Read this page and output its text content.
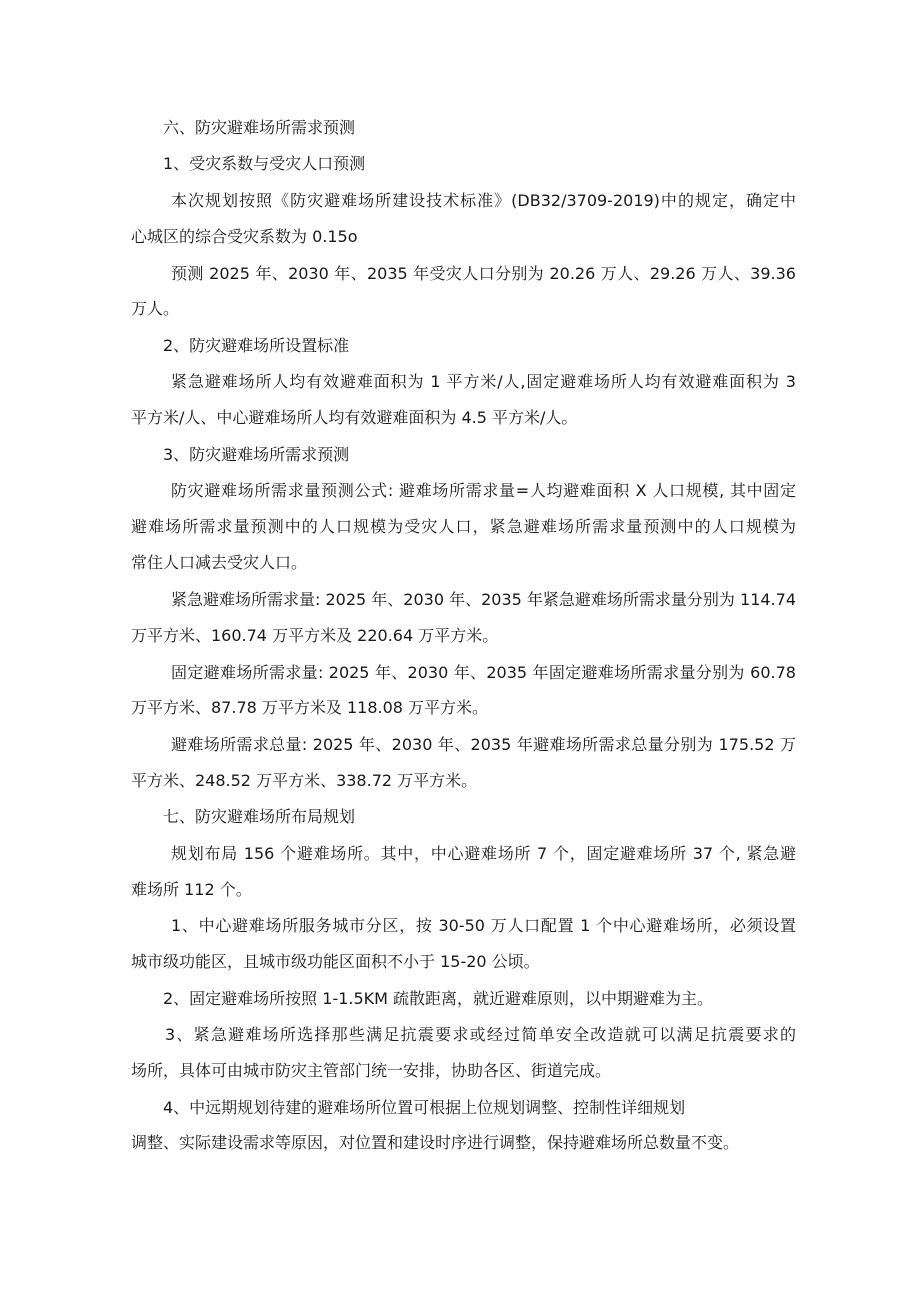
六、防灾避难场所需求预测
1、受灾系数与受灾人口预测
本次规划按照《防灾避难场所建设技术标准》(DB32/3709-2019)中的规定，确定中
心城区的综合受灾系数为 0.15o
预测 2025 年、2030 年、2035 年受灾人口分别为 20.26 万人、29.26 万人、39.36
万人。
2、防灾避难场所设置标准
紧急避难场所人均有效避难面积为 1 平方米/人,固定避难场所人均有效避难面积为 3
平方米/人、中心避难场所人均有效避难面积为 4.5 平方米/人。
3、防灾避难场所需求预测
防灾避难场所需求量预测公式: 避难场所需求量=人均避难面积 X 人口规模, 其中固定
避难场所需求量预测中的人口规模为受灾人口，紧急避难场所需求量预测中的人口规模为
常住人口减去受灾人口。
紧急避难场所需求量: 2025 年、2030 年、2035 年紧急避难场所需求量分别为 114.74
万平方米、160.74 万平方米及 220.64 万平方米。
固定避难场所需求量: 2025 年、2030 年、2035 年固定避难场所需求量分别为 60.78
万平方米、87.78 万平方米及 118.08 万平方米。
避难场所需求总量: 2025 年、2030 年、2035 年避难场所需求总量分别为 175.52 万
平方米、248.52 万平方米、338.72 万平方米。
七、防灾避难场所布局规划
规划布局 156 个避难场所。其中，中心避难场所 7 个，固定避难场所 37 个, 紧急避
难场所 112 个。
1、中心避难场所服务城市分区，按 30-50 万人口配置 1 个中心避难场所，必须设置
城市级功能区，且城市级功能区面积不小于 15-20 公顷。
2、固定避难场所按照 1-1.5KM 疏散距离，就近避难原则，以中期避难为主。
3、紧急避难场所选择那些满足抗震要求或经过简单安全改造就可以满足抗震要求的
场所，具体可由城市防灾主管部门统一安排，协助各区、街道完成。
4、中远期规划待建的避难场所位置可根据上位规划调整、控制性详细规划
调整、实际建设需求等原因，对位置和建设时序进行调整，保持避难场所总数量不变。
